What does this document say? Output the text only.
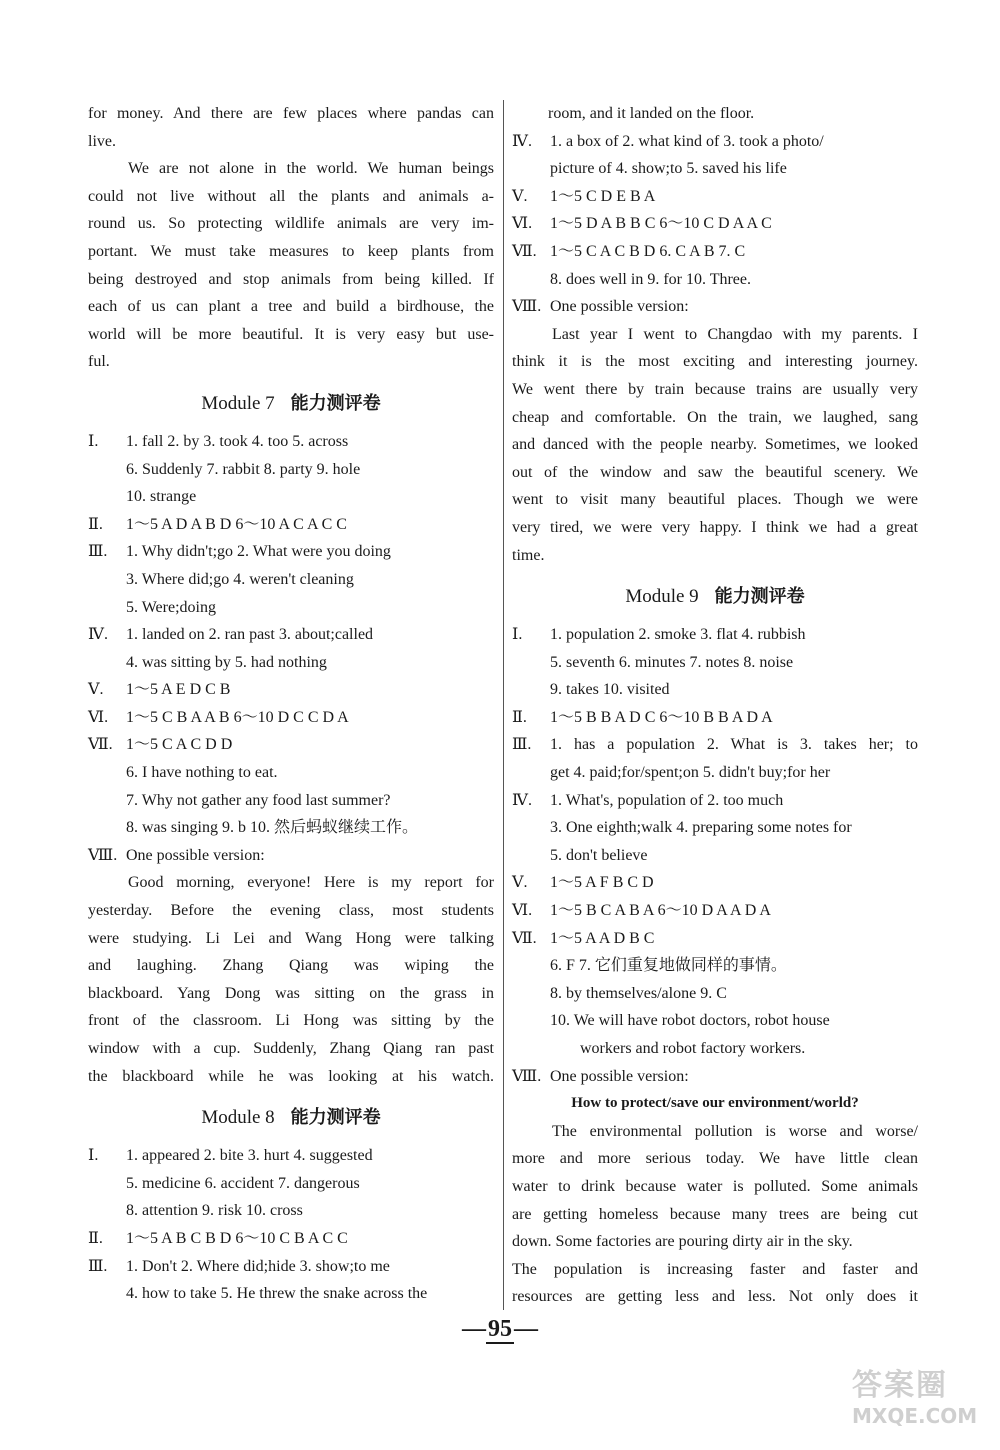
for money. And there are few places where pandas can
live.
We are not alone in the world. We human beings
could not live without all the plants and animals a-
round us. So protecting wildlife animals are very im-
portant. We must take measures to keep plants from
being destroyed and stop animals from being killed. If
each of us can plant a tree and build a birdhouse, the
world will be more beautiful. It is very easy but use-
ful.
Module 7 能力测评卷
Ⅰ.	1. fall 2. by 3. took 4. too 5. across
6. Suddenly 7. rabbit 8. party 9. hole
10. strange
Ⅱ.	1～5 A D A B D 6～10 A C A C C
Ⅲ.	1. Why didn't;go 2. What were you doing
3. Where did;go 4. weren't cleaning
5. Were;doing
Ⅳ.	1. landed on 2. ran past 3. about;called
4. was sitting by 5. had nothing
Ⅴ.	1～5 A E D C B
Ⅵ.	1～5 C B A A B 6～10 D C C D A
Ⅶ. 1～5 C A C D D
6. I have nothing to eat.
7. Why not gather any food last summer?
8. was singing 9. b 10. 然后蚂蚁继续工作。
Ⅷ. One possible version:
Good morning, everyone! Here is my report for
yesterday. Before the evening class, most students
were studying. Li Lei and Wang Hong were talking
and laughing. Zhang Qiang was wiping the
blackboard. Yang Dong was sitting on the grass in
front of the classroom. Li Hong was sitting by the
window with a cup. Suddenly, Zhang Qiang ran past
the blackboard while he was looking at his watch.
Module 8 能力测评卷
Ⅰ.	1. appeared 2. bite 3. hurt 4. suggested
5. medicine 6. accident 7. dangerous
8. attention 9. risk 10. cross
Ⅱ.	1～5 A B C B D 6～10 C B A C C
Ⅲ.	1. Don't 2. Where did;hide 3. show;to me
4. how to take 5. He threw the snake across the
room, and it landed on the floor.
Ⅳ.	1. a box of 2. what kind of 3. took a photo/
picture of 4. show;to 5. saved his life
Ⅴ.	1～5 C D E B A
Ⅵ.	1～5 D A B B C 6～10 C D A A C
Ⅶ. 1～5 C A C B D 6. C A B 7. C
8. does well in 9. for 10. Three.
Ⅷ. One possible version:
Last year I went to Changdao with my parents. I
think it is the most exciting and interesting journey.
We went there by train because trains are usually very
cheap and comfortable. On the train, we laughed, sang
and danced with the people nearby. Sometimes, we looked
out of the window and saw the beautiful scenery. We
went to visit many beautiful places. Though we were
very tired, we were very happy. I think we had a great
time.
Module 9 能力测评卷
Ⅰ.	1. population 2. smoke 3. flat 4. rubbish
5. seventh 6. minutes 7. notes 8. noise
9. takes 10. visited
Ⅱ.	1～5 B B A D C 6～10 B B A D A
Ⅲ.	1. has a population 2. What is 3. takes her; to
get 4. paid;for/spent;on 5. didn't buy;for her
Ⅳ.	1. What's, population of 2. too much
3. One eighth;walk 4. preparing some notes for
5. don't believe
Ⅴ.	1～5 A F B C D
Ⅵ.	1～5 B C A B A 6～10 D A A D A
Ⅶ. 1～5 A A D B C
6. F 7. 它们重复地做同样的事情。
8. by themselves/alone 9. C
10. We will have robot doctors, robot house
workers and robot factory workers.
Ⅷ. One possible version:
How to protect/save our environment/world?
The environmental pollution is worse and worse/
more and more serious today. We have little clean
water to drink because water is polluted. Some animals
are getting homeless because many trees are being cut
down. Some factories are pouring dirty air in the sky.
The population is increasing faster and faster and
resources are getting less and less. Not only does it
—95—
答案圈
MXQE.COM
